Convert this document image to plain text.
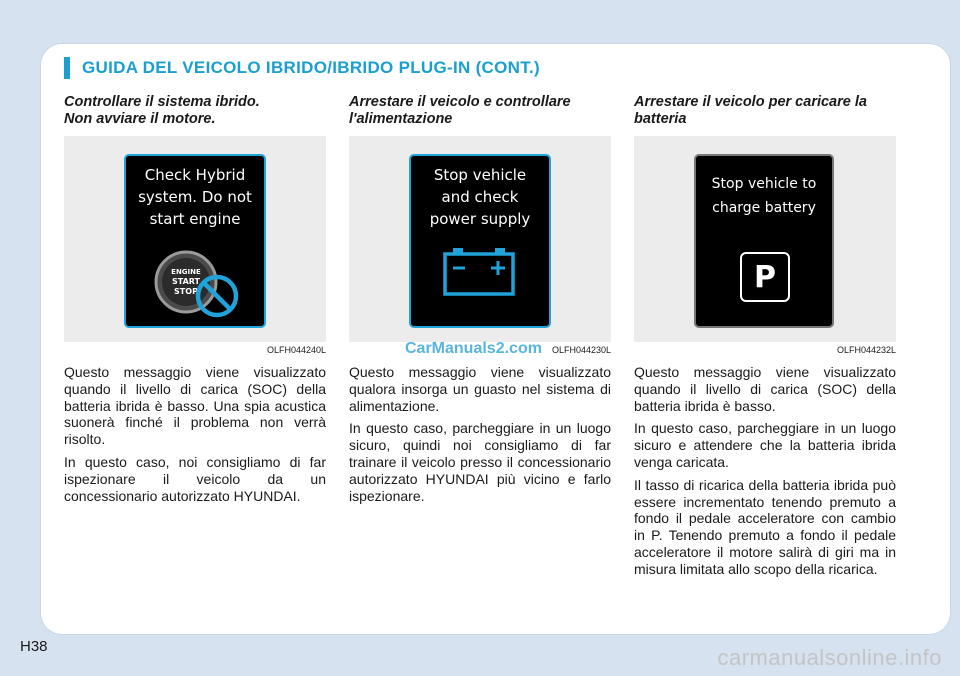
GUIDA DEL VEICOLO IBRIDO/IBRIDO PLUG-IN (CONT.)
Controllare il sistema ibrido.
Non avviare il motore.
Check Hybrid
system. Do not
start engine
ENGINE
START
STOP
OLFH044240L

Questo messaggio viene visualizzato quando il livello di carica (SOC) della batteria ibrida è basso. Una spia acustica suonerà finché il problema non verrà risolto.

In questo caso, noi consigliamo di far ispezionare il veicolo da un concessionario autorizzato HYUNDAI.

Arrestare il veicolo e controllare l'alimentazione
Stop vehicle
and check
power supply
OLFH044230L

Questo messaggio viene visualizzato qualora insorga un guasto nel sistema di alimentazione.

In questo caso, parcheggiare in un luogo sicuro, quindi noi consigliamo di far trainare il veicolo presso il concessionario autorizzato HYUNDAI più vicino e farlo ispezionare.

Arrestare il veicolo per caricare la batteria
Stop vehicle to
charge battery
P
OLFH044232L

Questo messaggio viene visualizzato quando il livello di carica (SOC) della batteria ibrida è basso.

In questo caso, parcheggiare in un luogo sicuro e attendere che la batteria ibrida venga caricata.

Il tasso di ricarica della batteria ibrida può essere incrementato tenendo premuto a fondo il pedale acceleratore con cambio in P. Tenendo premuto a fondo il pedale acceleratore il motore salirà di giri ma in misura limitata allo scopo della ricarica.

CarManuals2.com
H38	carmanualsonline.info
